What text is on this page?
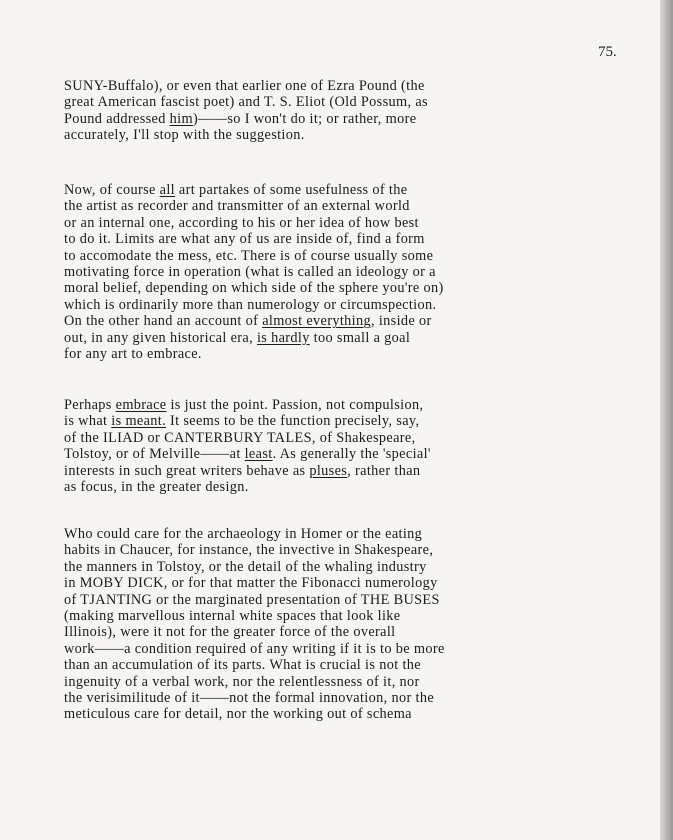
75.
SUNY-Buffalo), or even that earlier one of Ezra Pound (the
great American fascist poet) and T. S. Eliot (Old Possum, as
Pound addressed him)——so I won't do it; or rather, more
accurately, I'll stop with the suggestion.
Now, of course all art partakes of some usefulness of the
the artist as recorder and transmitter of an external world
or an internal one, according to his or her idea of how best
to do it. Limits are what any of us are inside of, find a form
to accomodate the mess, etc. There is of course usually some
motivating force in operation (what is called an ideology or a
moral belief, depending on which side of the sphere you're on)
which is ordinarily more than numerology or circumspection.
On the other hand an account of almost everything, inside or
out, in any given historical era, is hardly too small a goal
for any art to embrace.
Perhaps embrace is just the point. Passion, not compulsion,
is what is meant. It seems to be the function precisely, say,
of the ILIAD or CANTERBURY TALES, of Shakespeare,
Tolstoy, or of Melville——at least. As generally the 'special'
interests in such great writers behave as pluses, rather than
as focus, in the greater design.
Who could care for the archaeology in Homer or the eating
habits in Chaucer, for instance, the invective in Shakespeare,
the manners in Tolstoy, or the detail of the whaling industry
in MOBY DICK, or for that matter the Fibonacci numerology
of TJANTING or the marginated presentation of THE BUSES
(making marvellous internal white spaces that look like
Illinois), were it not for the greater force of the overall
work——a condition required of any writing if it is to be more
than an accumulation of its parts. What is crucial is not the
ingenuity of a verbal work, nor the relentlessness of it, nor
the verisimilitude of it——not the formal innovation, nor the
meticulous care for detail, nor the working out of schema
